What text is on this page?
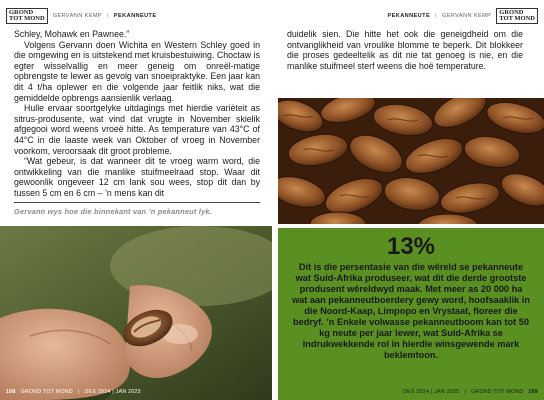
GROND
TOT MOND GERVANN KEMP | PEKANNEUTE	PEKANNEUTE | GERVANN KEMP GROND
TOT MOND

Schley, Mohawk en Pawnee.”

Volgens Gervann doen Wichita en Western Schley goed in die omgewing en is uitstekend met kruisbestuiwing. Choctaw is egter wisselvallig en meer geneig om onreël-matige opbrengste te lewer as gevolg van snoeipraktyke. Een jaar kan dit 4 t/ha oplewer en die volgende jaar feitlik niks, wat die gemiddelde opbrengs aansienlik verlaag.

Hulle ervaar soortgelyke uitdagings met hierdie variëteit as sitrus-produsente, wat vind dat vrugte in November skielik afgegooi word weens vroeë hitte. As temperature van 43°C of 44°C in die laaste week van Oktober of vroeg in November voorkom, veroorsaak dit groot probleme.

“Wat gebeur, is dat wanneer dit te vroeg warm word, die ontwikkeling van die manlike stuifmeelraad stop. Waar dit gewoonlik ongeveer 12 cm lank sou wees, stop dit dan by tussen 5 cm en 6 cm – ’n mens kan dit

Gervann wys hoe die binnekant van ’n pekanneut lyk.

duidelik sien. Die hitte het ook die geneigdheid om die ontvanglikheid van vroulike blomme te beperk. Dit blokkeer die proses gedeeltelik as dit nie tat genoeg is nie, en die manlike stuifmeel sterf weens die hoë temperature.

13%
Dit is die persentasie van die wêreld se pekanneute wat Suid-Afrika produseer, wat dit die derde grootste produsent wêreldwyd maak. Met meer as 20 000 ha wat aan pekanneutboerdery gewy word, hoofsaaklik in die Noord-Kaap, Limpopo en Vrystaat, floreer die bedryf. ’n Enkele volwasse pekanneutboom kan tot 50 kg neute per jaar lewer, wat Suid-Afrika se indrukwekkende rol in hierdie winsgewende mark beklemtoon.
108 GROND TOT MOND | DES 2024 | JAN 2025	DES 2024 | JAN 2025 | GROND TOT MOND 109
